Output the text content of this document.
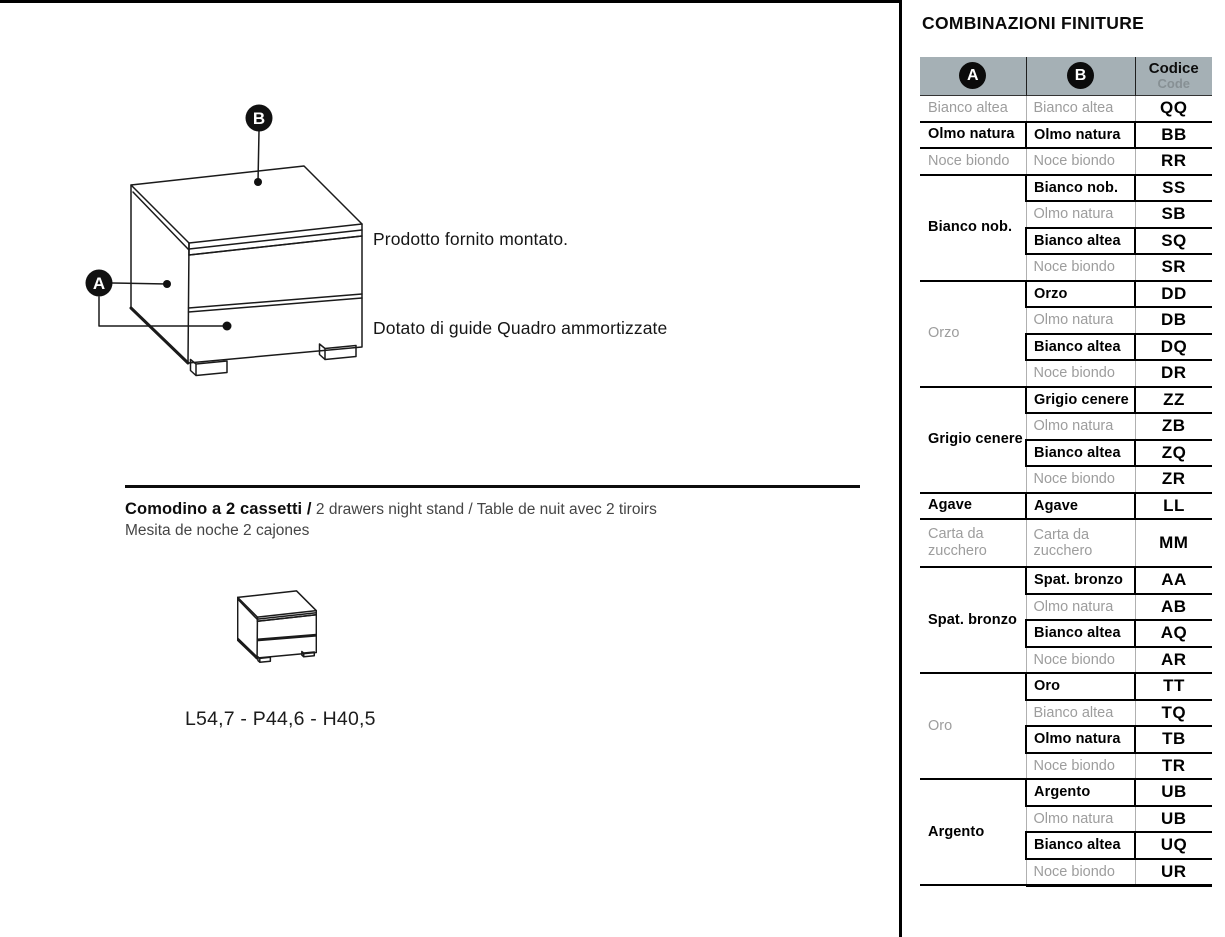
B
A
Prodotto fornito montato.
Dotato di guide Quadro ammortizzate
Comodino a 2 cassetti / 2 drawers night stand / Table de nuit avec 2 tiroirs
Mesita de noche 2 cajones
L54,7 - P44,6 - H40,5
COMBINAZIONI FINITURE
A	B	Codice
Code

Bianco altea	Bianco altea	QQ
Olmo natura	Olmo natura	BB
Noce biondo	Noce biondo	RR
Bianco nob.	Bianco nob.	SS
	Olmo natura	SB
	Bianco altea	SQ
	Noce biondo	SR
Orzo	Orzo	DD
	Olmo natura	DB
	Bianco altea	DQ
	Noce biondo	DR
Grigio cenere	Grigio cenere	ZZ
	Olmo natura	ZB
	Bianco altea	ZQ
	Noce biondo	ZR
Agave	Agave	LL
Carta da zucchero	Carta da zucchero	MM
Spat. bronzo	Spat. bronzo	AA
	Olmo natura	AB
	Bianco altea	AQ
	Noce biondo	AR
Oro	Oro	TT
	Bianco altea	TQ
	Olmo natura	TB
	Noce biondo	TR
Argento	Argento	UB
	Olmo natura	UB
	Bianco altea	UQ
	Noce biondo	UR
